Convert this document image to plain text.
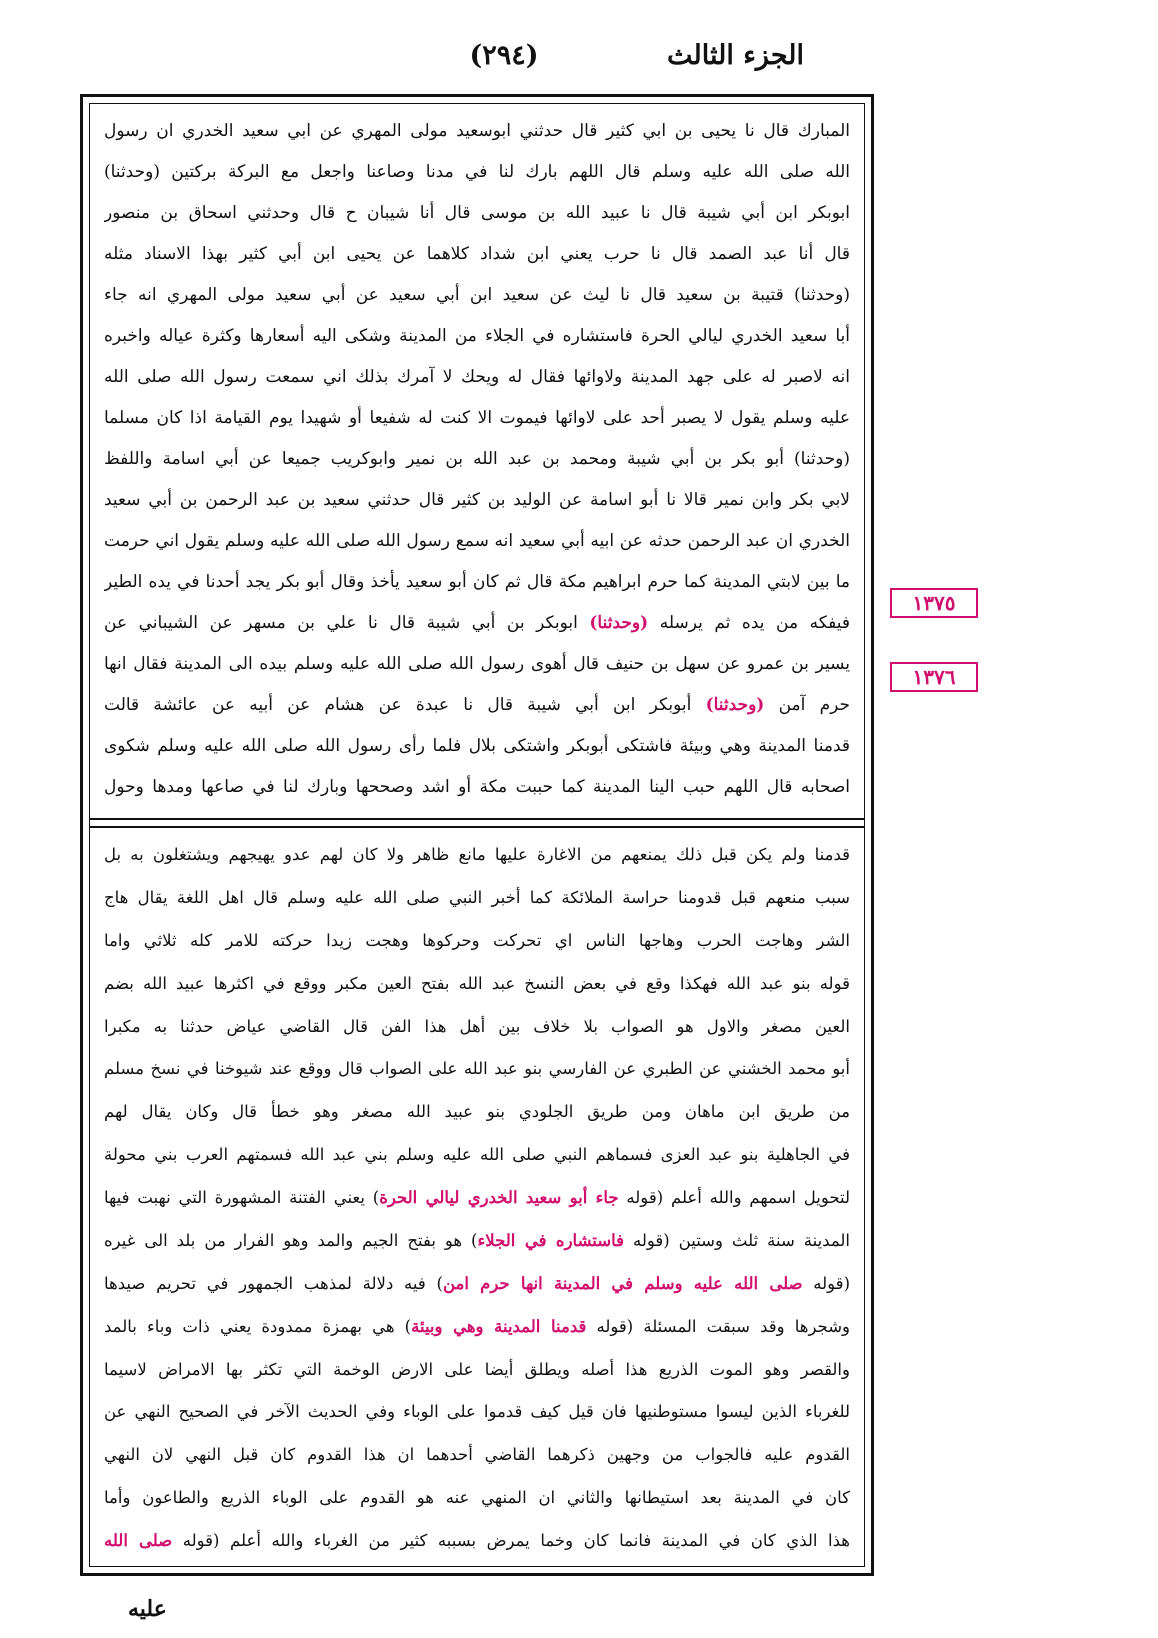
الجزء الثالث
(٢٩٤)
المبارك قال نا يحيى بن ابي كثير قال حدثني ابوسعيد مولى المهري عن ابي سعيد الخدري ان رسول
الله صلى الله عليه وسلم قال اللهم بارك لنا في مدنا وصاعنا واجعل مع البركة بركتين (وحدثنا)
ابوبكر ابن أبي شيبة قال نا عبيد الله بن موسى قال أنا شيبان ح قال وحدثني اسحاق بن منصور
قال أنا عبد الصمد قال نا حرب يعني ابن شداد كلاهما عن يحيى ابن أبي كثير بهذا الاسناد مثله
(وحدثنا) قتيبة بن سعيد قال نا ليث عن سعيد ابن أبي سعيد عن أبي سعيد مولى المهري انه جاء
أبا سعيد الخدري ليالي الحرة فاستشاره في الجلاء من المدينة وشكى اليه أسعارها وكثرة عياله واخبره
انه لاصبر له على جهد المدينة ولاوائها فقال له ويحك لا آمرك بذلك اني سمعت رسول الله صلى الله
عليه وسلم يقول لا يصبر أحد على لاوائها فيموت الا كنت له شفيعا أو شهيدا يوم القيامة اذا كان مسلما
(وحدثنا) أبو بكر بن أبي شيبة ومحمد بن عبد الله بن نمير وابوكريب جميعا عن أبي اسامة واللفظ
لابي بكر وابن نمير قالا نا أبو اسامة عن الوليد بن كثير قال حدثني سعيد بن عبد الرحمن بن أبي سعيد
الخدري ان عبد الرحمن حدثه عن ابيه أبي سعيد انه سمع رسول الله صلى الله عليه وسلم يقول اني حرمت
ما بين لابتي المدينة كما حرم ابراهيم مكة قال ثم كان أبو سعيد يأخذ وقال أبو بكر يجد أحدنا في يده الطير
فيفكه من يده ثم يرسله (وحدثنا) ابوبكر بن أبي شيبة قال نا علي بن مسهر عن الشيباني عن
يسير بن عمرو عن سهل بن حنيف قال أهوى رسول الله صلى الله عليه وسلم بيده الى المدينة فقال انها
حرم آمن (وحدثنا) أبوبكر ابن أبي شيبة قال نا عبدة عن هشام عن أبيه عن عائشة قالت
قدمنا المدينة وهي وبيئة فاشتكى أبوبكر واشتكى بلال فلما رأى رسول الله صلى الله عليه وسلم شكوى
اصحابه قال اللهم حبب الينا المدينة كما حببت مكة أو اشد وصححها وبارك لنا في صاعها ومدها وحول
قدمنا ولم يكن قبل ذلك يمنعهم من الاغارة عليها مانع ظاهر ولا كان لهم عدو يهيجهم ويشتغلون به بل
سبب منعهم قبل قدومنا حراسة الملائكة كما أخبر النبي صلى الله عليه وسلم قال اهل اللغة يقال هاج
الشر وهاجت الحرب وهاجها الناس اي تحركت وحركوها وهجت زيدا حركته للامر كله ثلاثي واما
قوله بنو عبد الله فهكذا وقع في بعض النسخ عبد الله بفتح العين مكبر ووقع في اكثرها عبيد الله بضم
العين مصغر والاول هو الصواب بلا خلاف بين أهل هذا الفن قال القاضي عياض حدثنا به مكبرا
أبو محمد الخشني عن الطبري عن الفارسي بنو عبد الله على الصواب قال ووقع عند شيوخنا في نسخ مسلم
من طريق ابن ماهان ومن طريق الجلودي بنو عبيد الله مصغر وهو خطأ قال وكان يقال لهم
في الجاهلية بنو عبد العزى فسماهم النبي صلى الله عليه وسلم بني عبد الله فسمتهم العرب بني محولة
لتحويل اسمهم والله أعلم (قوله جاء أبو سعيد الخدري ليالي الحرة) يعني الفتنة المشهورة التي نهبت فيها
المدينة سنة ثلث وستين (قوله فاستشاره في الجلاء) هو بفتح الجيم والمد وهو الفرار من بلد الى غيره
(قوله صلى الله عليه وسلم في المدينة انها حرم امن) فيه دلالة لمذهب الجمهور في تحريم صيدها
وشجرها وقد سبقت المسئلة (قوله قدمنا المدينة وهي وبيئة) هي بهمزة ممدودة يعني ذات وباء بالمد
والقصر وهو الموت الذريع هذا أصله ويطلق أيضا على الارض الوخمة التي تكثر بها الامراض لاسيما
للغرباء الذين ليسوا مستوطنيها فان قيل كيف قدموا على الوباء وفي الحديث الآخر في الصحيح النهي عن
القدوم عليه فالجواب من وجهين ذكرهما القاضي أحدهما ان هذا القدوم كان قبل النهي لان النهي
كان في المدينة بعد استيطانها والثاني ان المنهي عنه هو القدوم على الوباء الذريع والطاعون وأما
هذا الذي كان في المدينة فانما كان وخما يمرض بسببه كثير من الغرباء والله أعلم (قوله صلى الله
١٣٧٥
١٣٧٦
عليه
